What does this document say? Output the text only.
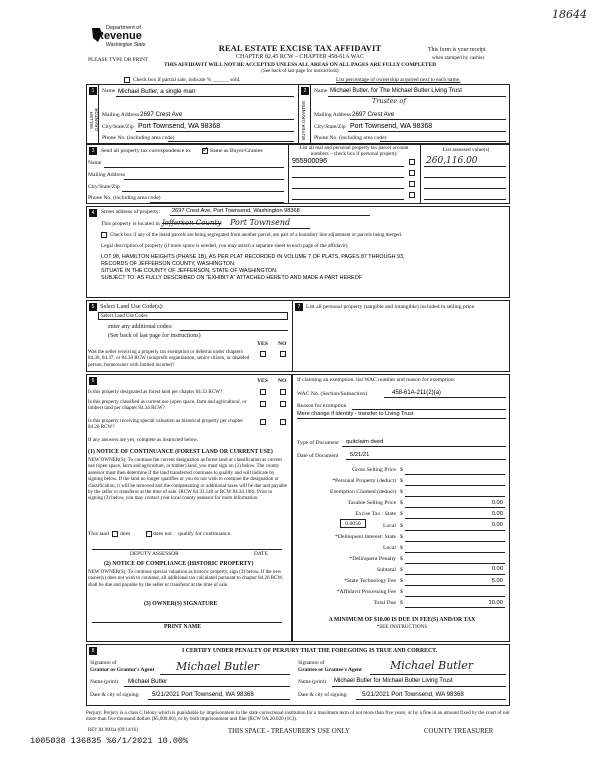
18644
Department of
Revenue
Washington State
PLEASE TYPE OR PRINT
REAL ESTATE EXCISE TAX AFFIDAVIT
CHAPTER 82.45 RCW – CHAPTER 458-61A WAC
THIS AFFIDAVIT WILL NOT BE ACCEPTED UNLESS ALL AREAS ON ALL PAGES ARE FULLY COMPLETED
(See back of last page for instructions)
This form is your receipt
when stamped by cashier.
Check box if partial sale, indicate % ______ sold.	List percentage of ownership acquired next to each name.
1
SELLER GRANTOR
Name Michael Butler, a single man
Mailing Address 2697 Crest Ave
City/State/Zip Port Townsend, WA 98368
Phone No. (including area code)
2
BUYER GRANTEE
Name Michael Butler, for The Michael Butler Living Trust
Trustee of
Mailing Address 2697 Crest Ave
City/State/Zip Port Townsend, WA 98368
Phone No. (including area code)
3	Send all property tax correspondence to: ✓ Same as Buyer/Grantee	List all real and personal property tax parcel account numbers – check box if personal property
List assessed value(s)
Name
Mailing Address
City/State/Zip
Phone No. (including area code)
955900096	260,116.00
4	Street address of property: 2697 Crest Ave, Port Townsend, Washington 98368
This property is located in Jefferson County Port Townsend
Check box if any of the listed parcels are being segregated from another parcel, are part of a boundary line adjustment or parcels being merged.
Legal description of property (if more space is needed, you may attach a separate sheet to each page of the affidavit)
LOT 98, HAMILTON HEIGHTS (PHASE 1B), AS PER PLAT RECORDED IN VOLUME 7 OF PLATS, PAGES 87 THROUGH 93,
RECORDS OF JEFFERSON COUNTY, WASHINGTON.
SITUATE IN THE COUNTY OF JEFFERSON, STATE OF WASHINGTON.
SUBJECT TO: AS FULLY DESCRIBED ON "EXHIBIT A" ATTACHED HERETO AND MADE A PART HEREOF
5 Select Land Use Code(s):
Select Land Use Codes
enter any additional codes:
(See back of last page for instructions)
YES NO
Was the seller receiving a property tax exemption or deferral under chapters 84.36, 84.37, or 84.38 RCW (nonprofit organization, senior citizen, or disabled person, homeowner with limited income)?
7	List all personal property (tangible and intangible) included in selling price.
6	YES NO
Is this property designated as forest land per chapter 84.33 RCW?
Is this property classified as current use (open space, farm and agricultural, or timber) land per chapter 84.34 RCW?
Is this property receiving special valuation as historical property per chapter 84.26 RCW?
If any answers are yes, complete as instructed below.
(1) NOTICE OF CONTINUANCE (FOREST LAND OR CURRENT USE)
NEW OWNER(S): To continue the current designation as forest land or classification as current use (open space, farm and agriculture, or timber) land, you must sign on (3) below. The county assessor must then determine if the land transferred continues to qualify and will indicate by signing below. If the land no longer qualifies or you do not wish to continue the designation or classification, it will be removed and the compensating or additional taxes will be due and payable by the seller or transferor at the time of sale. (RCW 84.33.140 or RCW 84.34.108). Prior to signing (3) below, you may contact your local county assessor for more information.
This land does	does not qualify for continuance.
DEPUTY ASSESSOR	DATE
(2) NOTICE OF COMPLIANCE (HISTORIC PROPERTY)
NEW OWNER(S): To continue special valuation as historic property, sign (3) below. If the new owner(s) does not wish to continue, all additional tax calculated pursuant to chapter 84.26 RCW, shall be due and payable by the seller or transferor at the time of sale.
(3) OWNER(S) SIGNATURE
PRINT NAME
If claiming an exemption, list WAC number and reason for exemption:
WAC No. (Section/Subsection)	458-61A-211(2)(a)
Reason for exemption
Mere change if identity - transfer to Living Trust
Type of Document quitclaim deed
Date of Document 5/21/21
Gross Selling Price $
*Personal Property (deduct) $
Exemption Claimed (deduct) $
Taxable Selling Price $	0.00
Excise Tax : State $	0.00
Local $	0.00
*Delinquent Interest: State $
Local $
*Delinquent Penalty $
Subtotal $	0.00
*State Technology Fee $	5.00
*Affidavit Processing Fee $
Total Due $	10.00
0.0050
A MINIMUM OF $10.00 IS DUE IN FEE(S) AND/OR TAX
*SEE INSTRUCTIONS
8	I CERTIFY UNDER PENALTY OF PERJURY THAT THE FOREGOING IS TRUE AND CORRECT.
Signature of
Grantor or Grantor's Agent Michael Butler
Name (print) Michael Butler
Date & city of signing: 5/21/2021 Port Townsend, WA 98368
Signature of
Grantee or Grantee's Agent	Michael Butler
Name (print) Michael Butler for Michael Butler Living Trust
Date & city of signing: 5/21/2021 Port Townsend, WA 98368
Perjury: Perjury is a class C felony which is punishable by imprisonment in the state correctional institution for a maximum term of not more than five years, or by a fine in an amount fixed by the court of not more than five thousand dollars ($5,000.00), or by both imprisonment and fine (RCW 9A.20.020 (1C)).
REV 84 0001a (09/14/16)
1005038 136835 %6/1/2021 10.00%
THIS SPACE - TREASURER'S USE ONLY	COUNTY TREASURER
